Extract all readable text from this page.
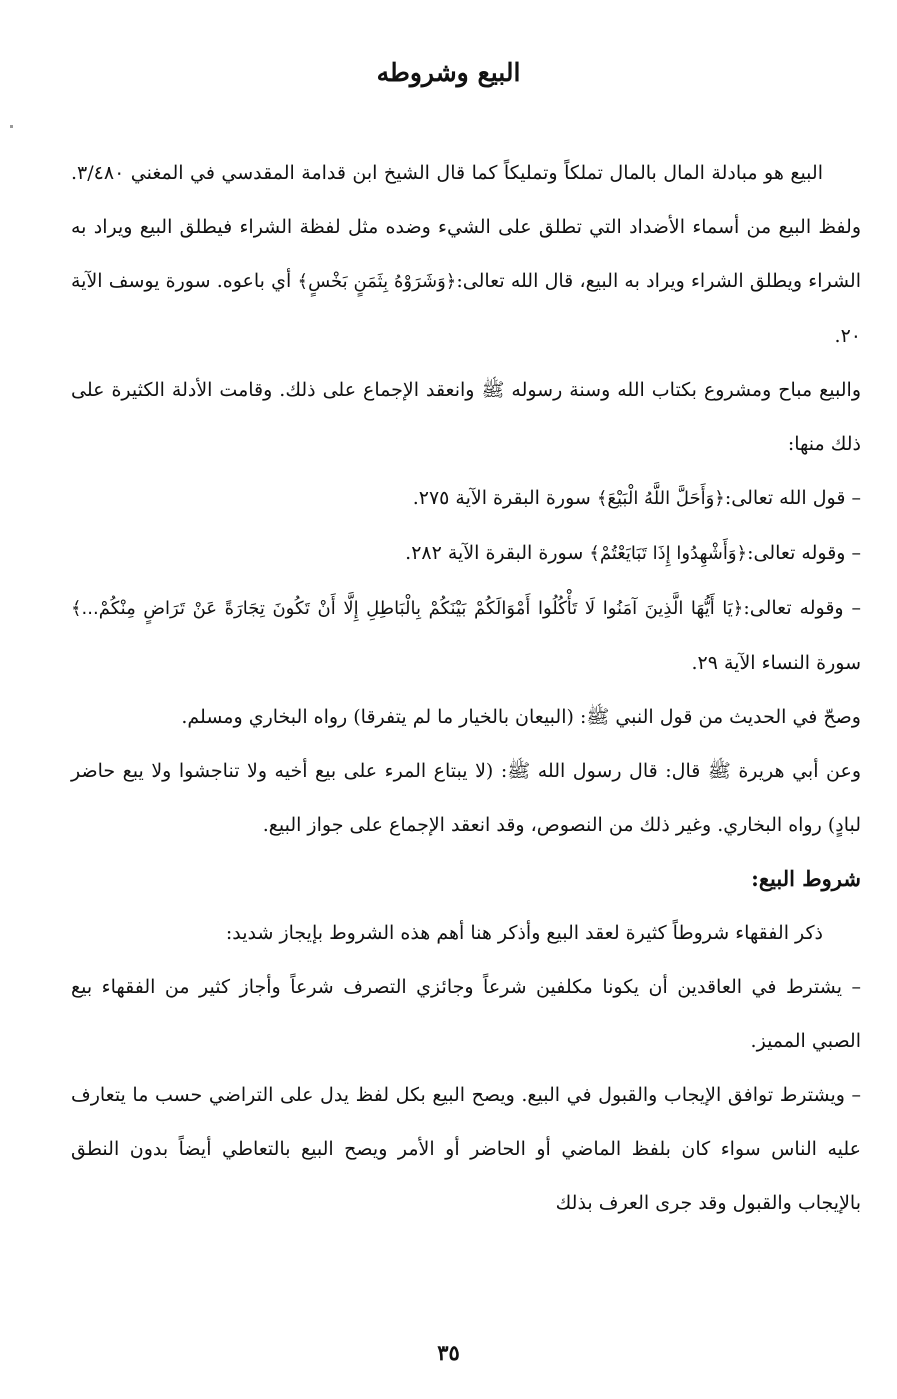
البيع وشروطه

البيع هو مبادلة المال بالمال تملكاً وتمليكاً كما قال الشيخ ابن قدامة المقدسي في المغني ٣/٤٨٠. ولفظ البيع من أسماء الأضداد التي تطلق على الشيء وضده مثل لفظة الشراء فيطلق البيع ويراد به الشراء ويطلق الشراء ويراد به البيع، قال الله تعالى:﴿وَشَرَوْهُ بِثَمَنٍ بَخْسٍ﴾ أي باعوه. سورة يوسف الآية ٢٠.

والبيع مباح ومشروع بكتاب الله وسنة رسوله ﷺ وانعقد الإجماع على ذلك. وقامت الأدلة الكثيرة على ذلك منها:

– قول الله تعالى:﴿وَأَحَلَّ اللَّهُ الْبَيْعَ﴾ سورة البقرة الآية ٢٧٥.

– وقوله تعالى:﴿وَأَشْهِدُوا إِذَا تَبَايَعْتُمْ﴾ سورة البقرة الآية ٢٨٢.

– وقوله تعالى:﴿يَا أَيُّهَا الَّذِينَ آمَنُوا لَا تَأْكُلُوا أَمْوَالَكُمْ بَيْنَكُمْ بِالْبَاطِلِ إِلَّا أَنْ تَكُونَ تِجَارَةً عَنْ تَرَاضٍ مِنْكُمْ...﴾ سورة النساء الآية ٢٩.

وصحّ في الحديث من قول النبي ﷺ: (البيعان بالخيار ما لم يتفرقا) رواه البخاري ومسلم.

وعن أبي هريرة ﷺ قال: قال رسول الله ﷺ: (لا يبتاع المرء على بيع أخيه ولا تناجشوا ولا يبع حاضر لبادٍ) رواه البخاري. وغير ذلك من النصوص، وقد انعقد الإجماع على جواز البيع.

شروط البيع:

ذكر الفقهاء شروطاً كثيرة لعقد البيع وأذكر هنا أهم هذه الشروط بإيجاز شديد:

– يشترط في العاقدين أن يكونا مكلفين شرعاً وجائزي التصرف شرعاً وأجاز كثير من الفقهاء بيع الصبي المميز.

– ويشترط توافق الإيجاب والقبول في البيع. ويصح البيع بكل لفظ يدل على التراضي حسب ما يتعارف عليه الناس سواء كان بلفظ الماضي أو الحاضر أو الأمر ويصح البيع بالتعاطي أيضاً بدون النطق بالإيجاب والقبول وقد جرى العرف بذلك

٣٥
